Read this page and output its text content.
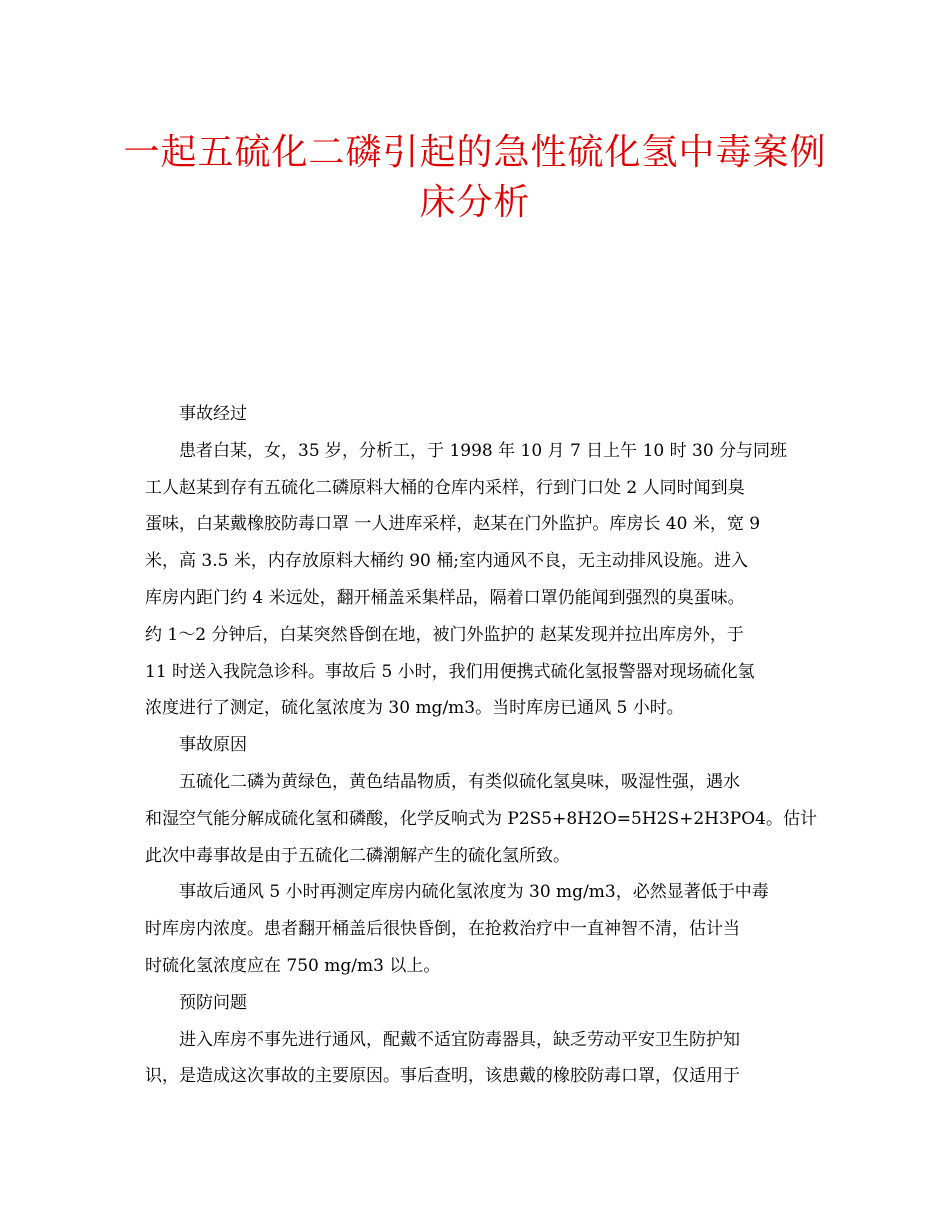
一起五硫化二磷引起的急性硫化氢中毒案例
床分析
事故经过
患者白某，女，35 岁，分析工，于 1998 年 10 月 7 日上午 10 时 30 分与同班
工人赵某到存有五硫化二磷原料大桶的仓库内采样，行到门口处 2 人同时闻到臭
蛋味，白某戴橡胶防毒口罩 一人进库采样，赵某在门外监护。库房长 40 米，宽 9
米，高 3.5 米，内存放原料大桶约 90 桶;室内通风不良，无主动排风设施。进入
库房内距门约 4 米远处，翻开桶盖采集样品，隔着口罩仍能闻到强烈的臭蛋味。
约 1～2 分钟后，白某突然昏倒在地，被门外监护的 赵某发现并拉出库房外，于
11 时送入我院急诊科。事故后 5 小时，我们用便携式硫化氢报警器对现场硫化氢
浓度进行了测定，硫化氢浓度为 30 mg/m3。当时库房已通风 5 小时。
事故原因
五硫化二磷为黄绿色，黄色结晶物质，有类似硫化氢臭味，吸湿性强，遇水
和湿空气能分解成硫化氢和磷酸，化学反响式为 P2S5+8H2O=5H2S+2H3PO4。估计
此次中毒事故是由于五硫化二磷潮解产生的硫化氢所致。
事故后通风 5 小时再测定库房内硫化氢浓度为 30 mg/m3，必然显著低于中毒
时库房内浓度。患者翻开桶盖后很快昏倒，在抢救治疗中一直神智不清，估计当
时硫化氢浓度应在 750 mg/m3 以上。
预防问题
进入库房不事先进行通风，配戴不适宜防毒器具，缺乏劳动平安卫生防护知
识，是造成这次事故的主要原因。事后查明，该患戴的橡胶防毒口罩，仅适用于
